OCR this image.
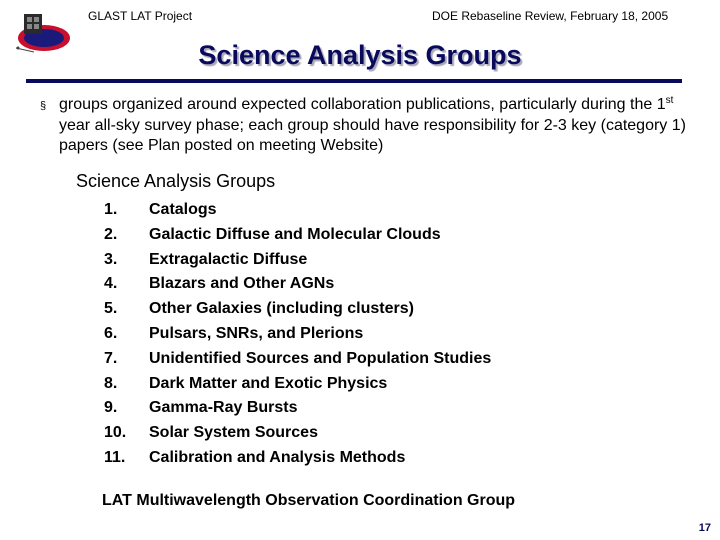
GLAST LAT Project	DOE Rebaseline Review, February 18, 2005
Science Analysis Groups
§ groups organized around expected collaboration publications, particularly during the 1st year all-sky survey phase; each group should have responsibility for 2-3 key (category 1) papers (see Plan posted on meeting Website)
Science Analysis Groups
1. Catalogs
2. Galactic Diffuse and Molecular Clouds
3. Extragalactic Diffuse
4. Blazars and Other AGNs
5. Other Galaxies (including clusters)
6. Pulsars, SNRs, and Plerions
7. Unidentified Sources and Population Studies
8. Dark Matter and Exotic Physics
9. Gamma-Ray Bursts
10. Solar System Sources
11. Calibration and Analysis Methods
LAT Multiwavelength Observation Coordination Group
17
